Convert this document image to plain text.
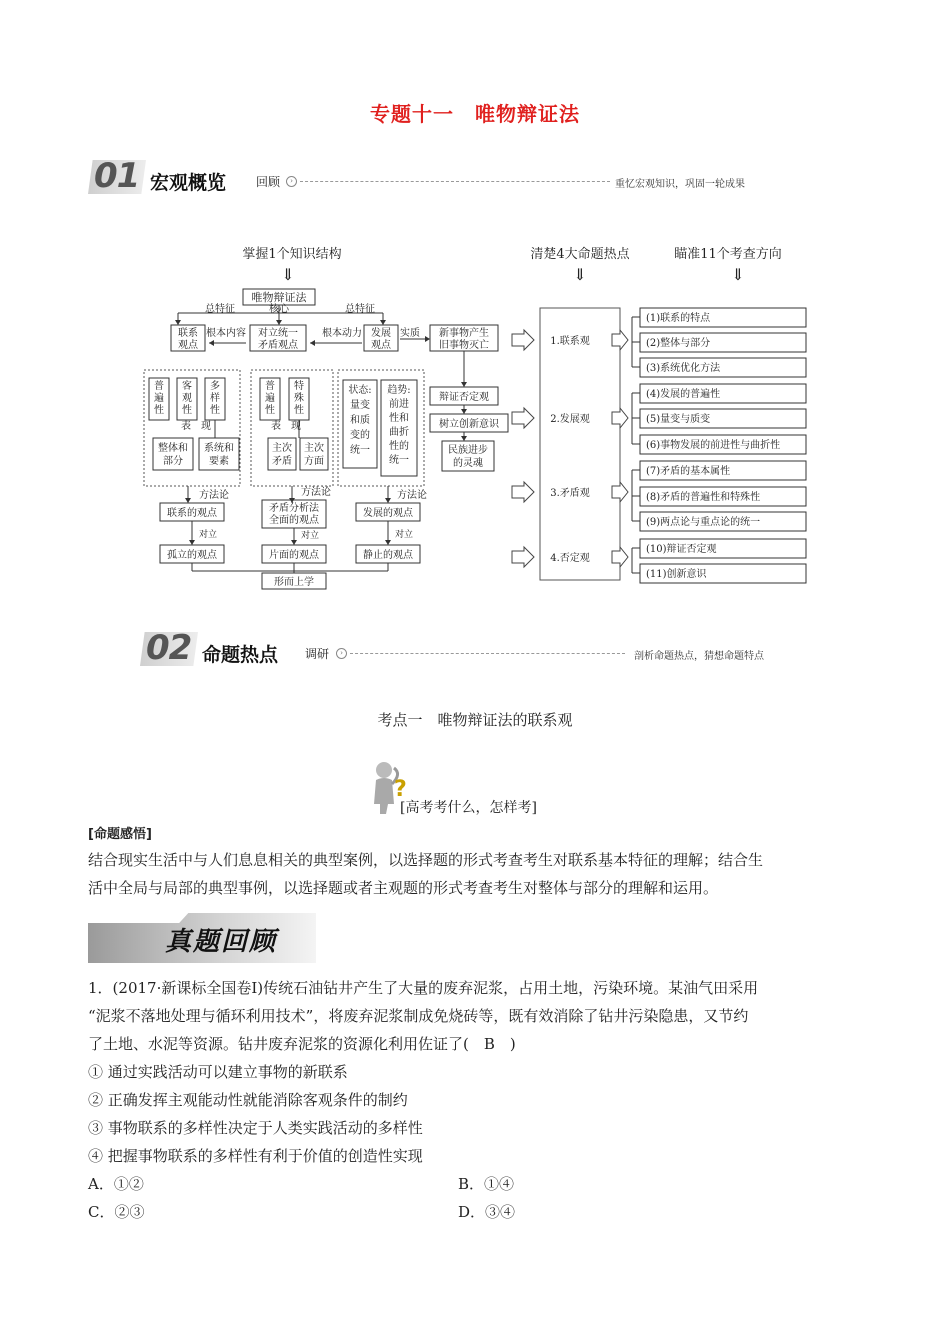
专题十一　唯物辩证法
01 宏观概览 回顾	›	重忆宏观知识，巩固一轮成果
掌握1个知识结构
⇓
清楚4大命题热点
⇓
瞄准11个考查方向
⇓
唯物辩证法
总特征	核心	总特征
联系
观点
根本内容 对立统一
矛盾观点
根本动力 发展
观点
实质 新事物产生
旧事物灭亡
普
遍
性
客
观
性
多
样
性
表　现
整体和
部分
系统和
要素
普
遍
性
特
殊
性
表　现
主次
矛盾
主次
方面
状态:
量变
和质
变的
统一
趋势:
前进
性和
曲折
性的
统一
辩证否定观
树立创新意识
民族进步
的灵魂
方法论	方法论	方法论
联系的观点	矛盾分析法
全面的观点
发展的观点
对立	对立	对立
孤立的观点	片面的观点	静止的观点
形而上学
1.联系观
2.发展观
3.矛盾观
4.否定观
(1)联系的特点
(2)整体与部分
(3)系统优化方法
(4)发展的普遍性
(5)量变与质变
(6)事物发展的前进性与曲折性
(7)矛盾的基本属性
(8)矛盾的普遍性和特殊性
(9)两点论与重点论的统一
(10)辩证否定观
(11)创新意识
02 命题热点 调研	›	剖析命题热点，猜想命题特点
考点一　唯物辩证法的联系观
?
[高考考什么，怎样考]
[命题感悟]
结合现实生活中与人们息息相关的典型案例，以选择题的形式考查考生对联系基本特征的理解；结合生
活中全局与局部的典型事例，以选择题或者主观题的形式考查考生对整体与部分的理解和运用。
真题回顾
1．(2017·新课标全国卷Ⅰ)传统石油钻井产生了大量的废弃泥浆，占用土地，污染环境。某油气田采用
“泥浆不落地处理与循环利用技术”，将废弃泥浆制成免烧砖等，既有效消除了钻井污染隐患，又节约
了土地、水泥等资源。钻井废弃泥浆的资源化利用佐证了(　B　)
① 通过实践活动可以建立事物的新联系
② 正确发挥主观能动性就能消除客观条件的制约
③ 事物联系的多样性决定于人类实践活动的多样性
④ 把握事物联系的多样性有利于价值的创造性实现
A．①②	B．①④
C．②③	D．③④
